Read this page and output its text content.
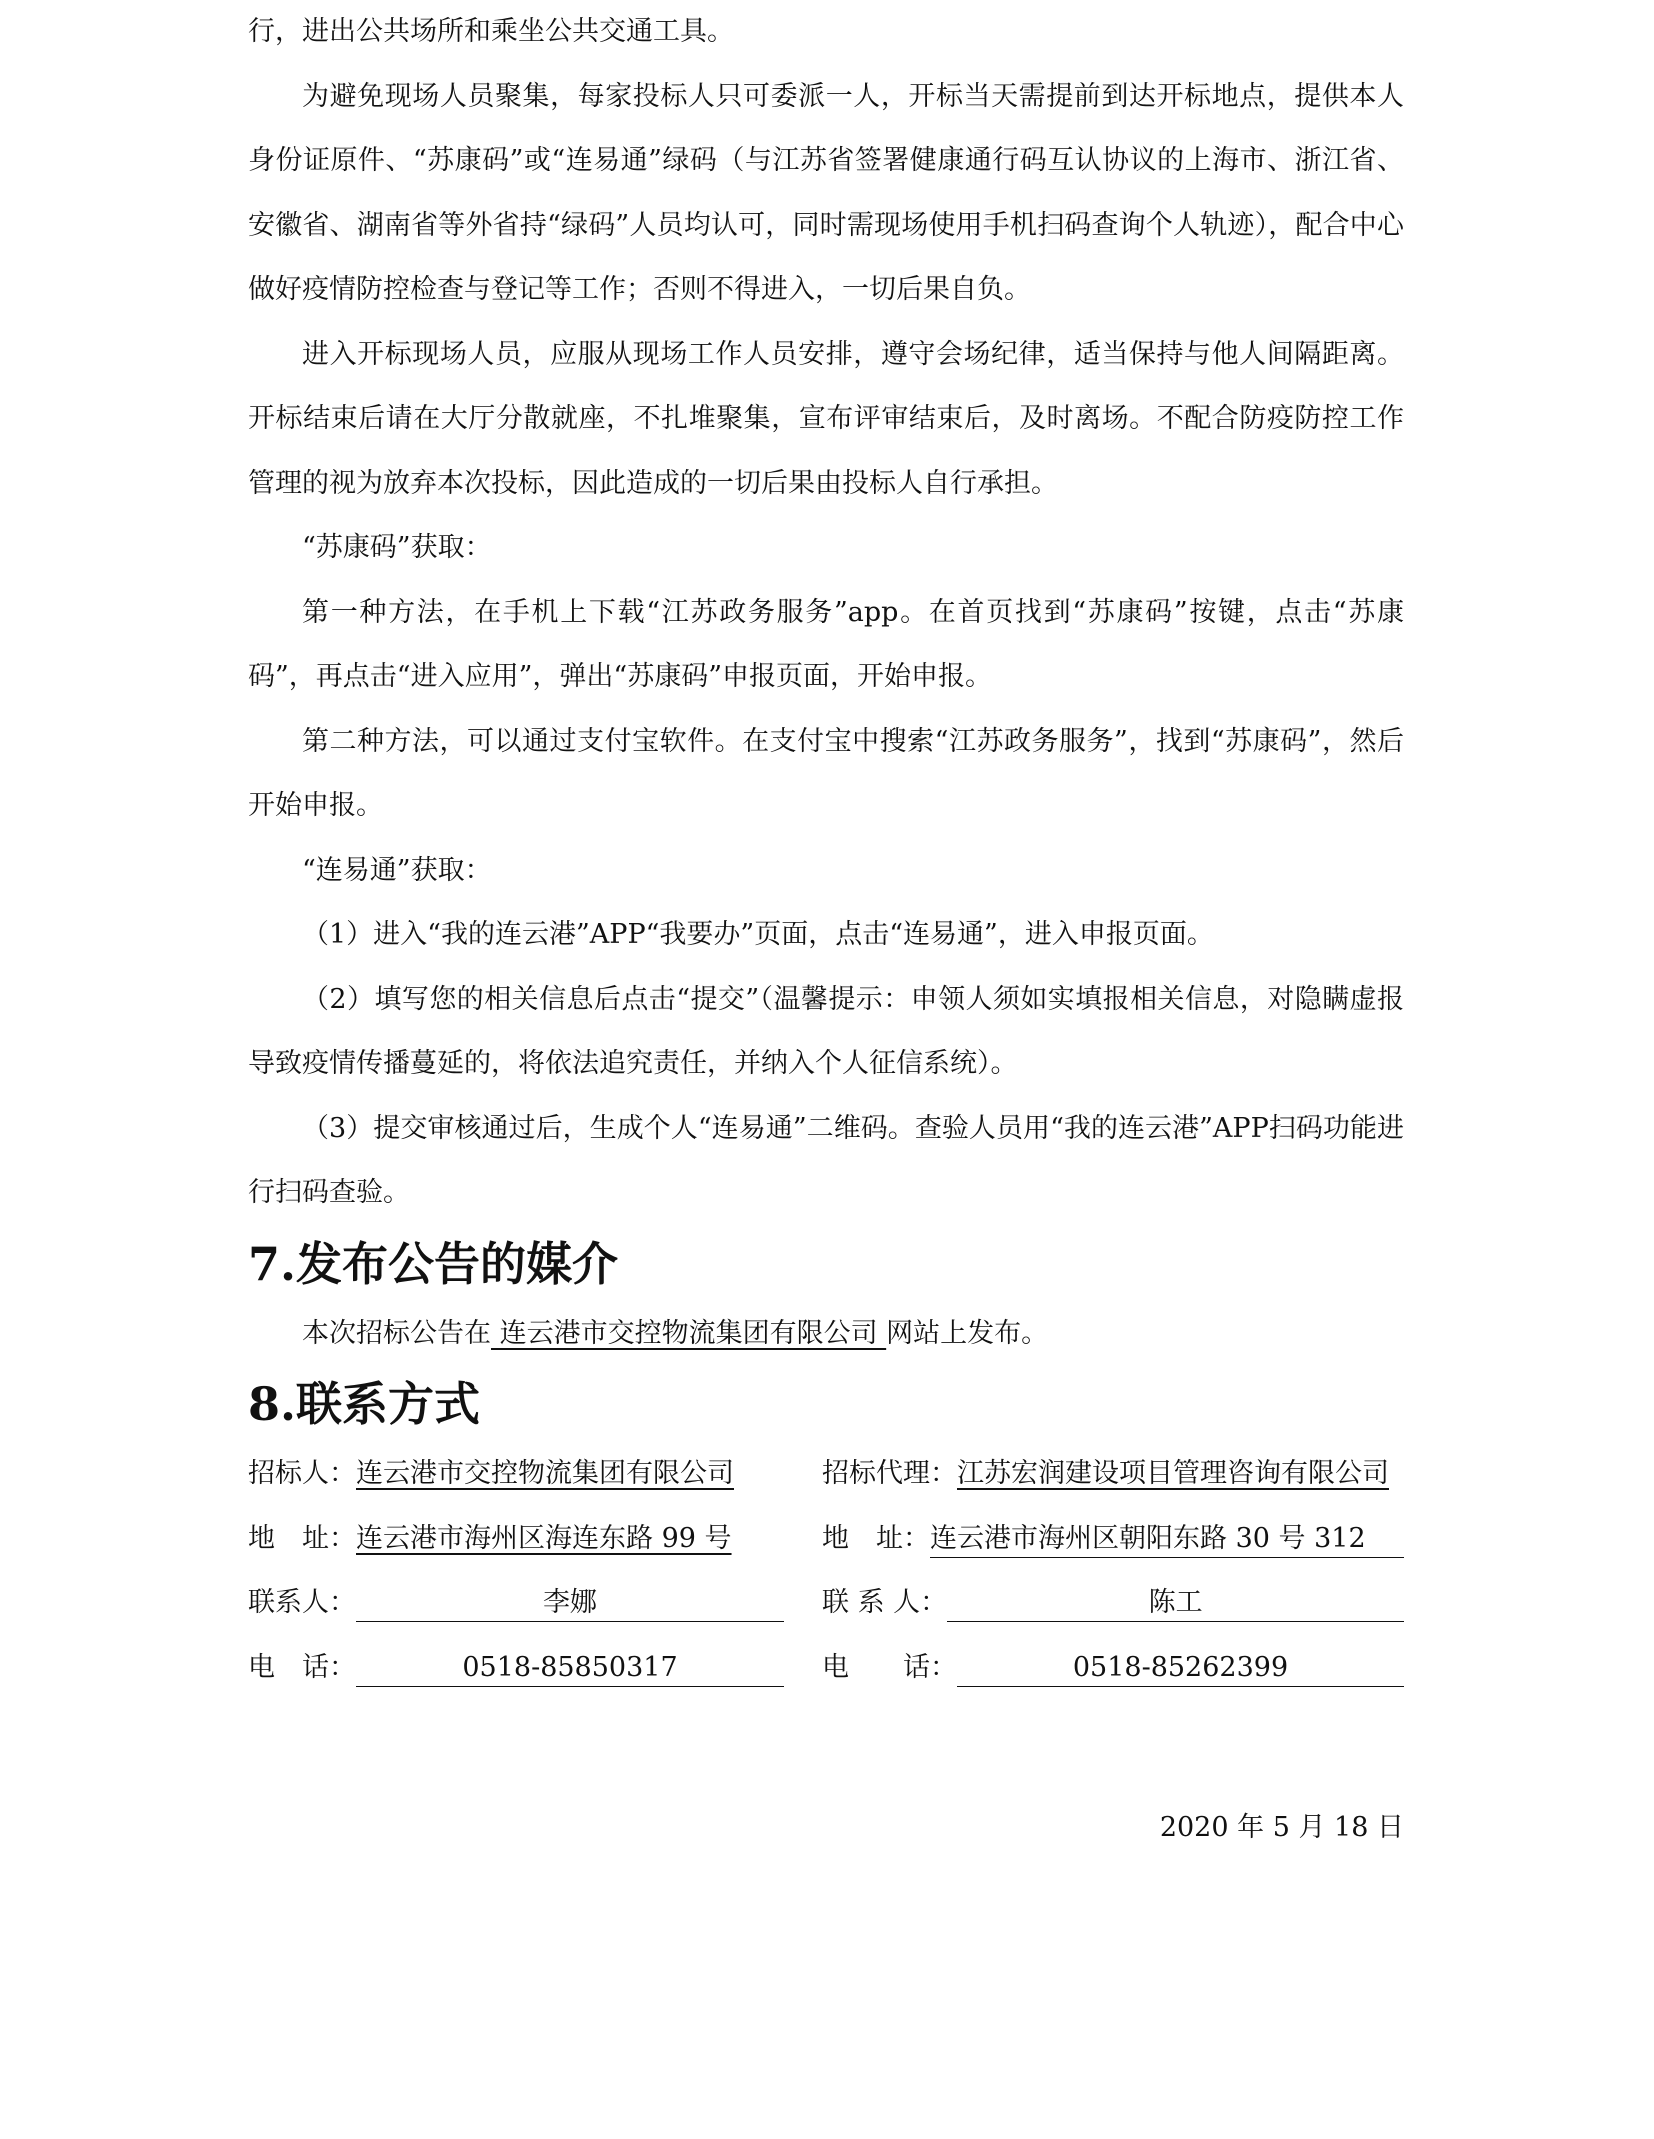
行，进出公共场所和乘坐公共交通工具。

为避免现场人员聚集，每家投标人只可委派一人，开标当天需提前到达开标地点，提供本人身份证原件、“苏康码”或“连易通”绿码（与江苏省签署健康通行码互认协议的上海市、浙江省、安徽省、湖南省等外省持“绿码”人员均认可，同时需现场使用手机扫码查询个人轨迹），配合中心做好疫情防控检查与登记等工作；否则不得进入，一切后果自负。

进入开标现场人员，应服从现场工作人员安排，遵守会场纪律，适当保持与他人间隔距离。开标结束后请在大厅分散就座，不扎堆聚集，宣布评审结束后，及时离场。不配合防疫防控工作管理的视为放弃本次投标，因此造成的一切后果由投标人自行承担。

“苏康码”获取：

第一种方法，在手机上下载“江苏政务服务”app。在首页找到“苏康码”按键，点击“苏康码”，再点击“进入应用”，弹出“苏康码”申报页面，开始申报。

第二种方法，可以通过支付宝软件。在支付宝中搜索“江苏政务服务”，找到“苏康码”，然后开始申报。

“连易通”获取：

（1）进入“我的连云港”APP“我要办”页面，点击“连易通”，进入申报页面。

（2）填写您的相关信息后点击“提交”（温馨提示：申领人须如实填报相关信息，对隐瞒虚报导致疫情传播蔓延的，将依法追究责任，并纳入个人征信系统）。

（3）提交审核通过后，生成个人“连易通”二维码。查验人员用“我的连云港”APP扫码功能进行扫码查验。

7.发布公告的媒介

本次招标公告在 连云港市交控物流集团有限公司 网站上发布。

8.联系方式
招标人： 连云港市交控物流集团有限公司	招标代理： 江苏宏润建设项目管理咨询有限公司
地　址： 连云港市海州区海连东路 99 号	地　址： 连云港市海州区朝阳东路 30 号 312
联系人：	李娜	联 系 人：	陈工
电　话：	0518-85850317	电　　话：	0518-85262399
2020 年 5 月 18 日
